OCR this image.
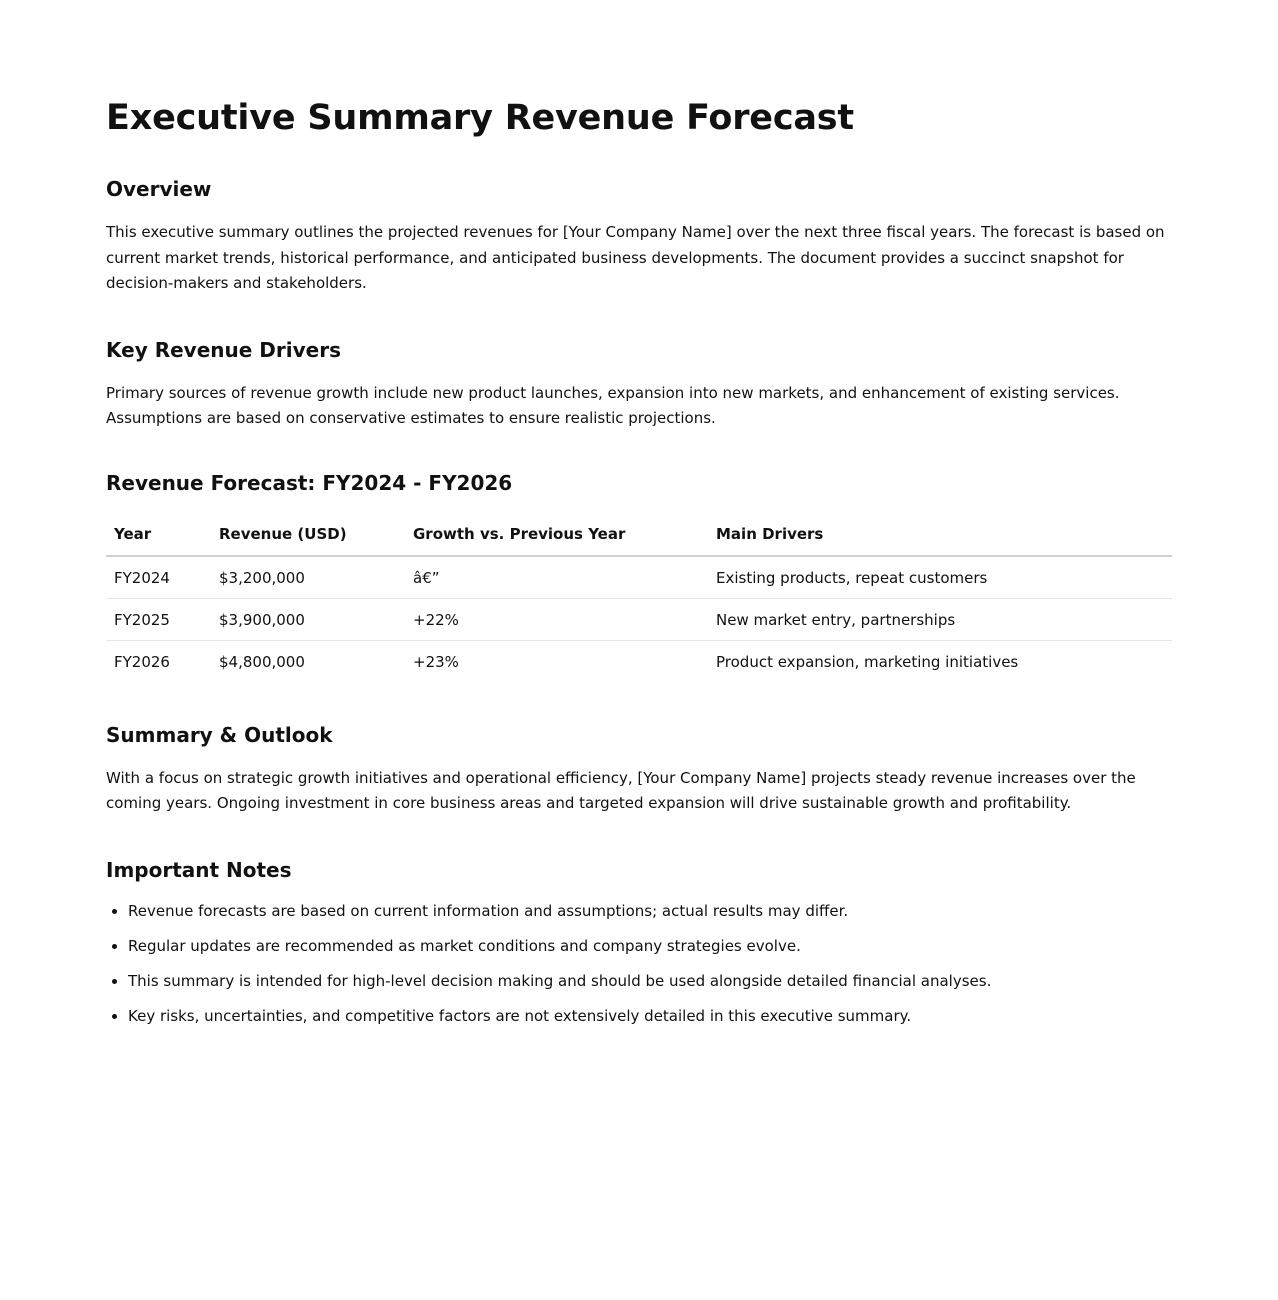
Executive Summary Revenue Forecast
Overview

This executive summary outlines the projected revenues for [Your Company Name] over the next three fiscal years. The forecast is based on current market trends, historical performance, and anticipated business developments. The document provides a succinct snapshot for decision-makers and stakeholders.

Key Revenue Drivers

Primary sources of revenue growth include new product launches, expansion into new markets, and enhancement of existing services. Assumptions are based on conservative estimates to ensure realistic projections.

Revenue Forecast: FY2024 - FY2026
Year	Revenue (USD)	Growth vs. Previous Year	Main Drivers
FY2024	$3,200,000	â€”	Existing products, repeat customers
FY2025	$3,900,000	+22%	New market entry, partnerships
FY2026	$4,800,000	+23%	Product expansion, marketing initiatives
Summary & Outlook

With a focus on strategic growth initiatives and operational efficiency, [Your Company Name] projects steady revenue increases over the coming years. Ongoing investment in core business areas and targeted expansion will drive sustainable growth and profitability.

Important Notes
• Revenue forecasts are based on current information and assumptions; actual results may differ.
• Regular updates are recommended as market conditions and company strategies evolve.
• This summary is intended for high-level decision making and should be used alongside detailed financial analyses.
• Key risks, uncertainties, and competitive factors are not extensively detailed in this executive summary.
